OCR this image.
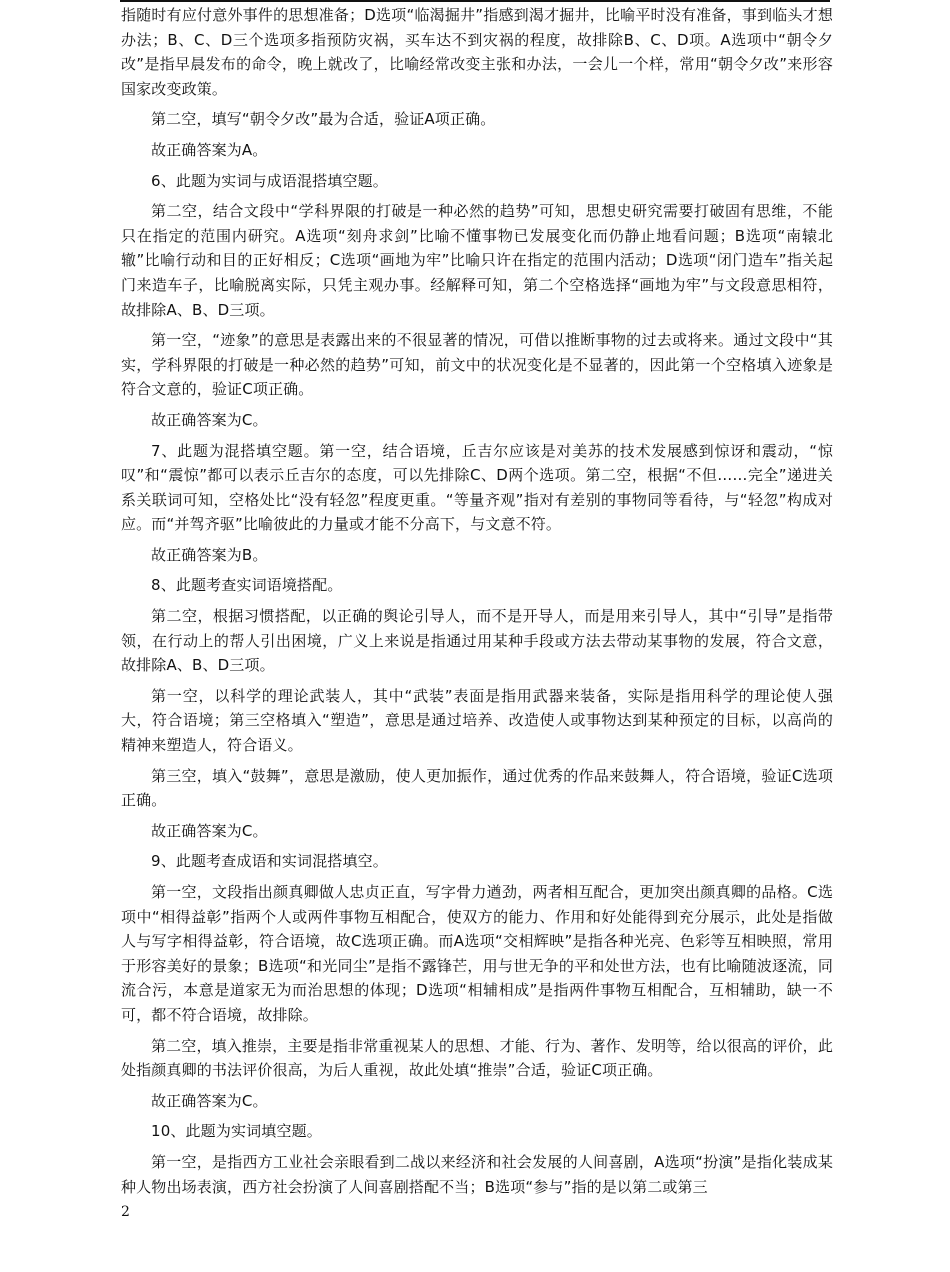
指随时有应付意外事件的思想准备；D选项“临渴掘井”指感到渴才掘井，比喻平时没有准备，事到临头才想办法；B、C、D三个选项多指预防灾祸，买车达不到灾祸的程度，故排除B、C、D项。A选项中“朝令夕改”是指早晨发布的命令，晚上就改了，比喻经常改变主张和办法，一会儿一个样，常用“朝令夕改”来形容国家改变政策。

第二空，填写“朝令夕改”最为合适，验证A项正确。

故正确答案为A。

6、此题为实词与成语混搭填空题。

第二空，结合文段中“学科界限的打破是一种必然的趋势”可知，思想史研究需要打破固有思维，不能只在指定的范围内研究。A选项“刻舟求剑”比喻不懂事物已发展变化而仍静止地看问题；B选项“南辕北辙”比喻行动和目的正好相反；C选项“画地为牢”比喻只许在指定的范围内活动；D选项“闭门造车”指关起门来造车子，比喻脱离实际，只凭主观办事。经解释可知，第二个空格选择“画地为牢”与文段意思相符，故排除A、B、D三项。

第一空，“迹象”的意思是表露出来的不很显著的情况，可借以推断事物的过去或将来。通过文段中“其实，学科界限的打破是一种必然的趋势”可知，前文中的状况变化是不显著的，因此第一个空格填入迹象是符合文意的，验证C项正确。

故正确答案为C。

7、此题为混搭填空题。第一空，结合语境，丘吉尔应该是对美苏的技术发展感到惊讶和震动，“惊叹”和“震惊”都可以表示丘吉尔的态度，可以先排除C、D两个选项。第二空，根据“不但……完全”递进关系关联词可知，空格处比“没有轻忽”程度更重。“等量齐观”指对有差别的事物同等看待，与“轻忽”构成对应。而“并驾齐驱”比喻彼此的力量或才能不分高下，与文意不符。

故正确答案为B。

8、此题考查实词语境搭配。

第二空，根据习惯搭配，以正确的舆论引导人，而不是开导人，而是用来引导人，其中“引导”是指带领，在行动上的帮人引出困境，广义上来说是指通过用某种手段或方法去带动某事物的发展，符合文意，故排除A、B、D三项。

第一空，以科学的理论武装人，其中“武装”表面是指用武器来装备，实际是指用科学的理论使人强大，符合语境；第三空格填入“塑造”，意思是通过培养、改造使人或事物达到某种预定的目标，以高尚的精神来塑造人，符合语义。

第三空，填入“鼓舞”，意思是激励，使人更加振作，通过优秀的作品来鼓舞人，符合语境，验证C选项正确。

故正确答案为C。

9、此题考查成语和实词混搭填空。

第一空，文段指出颜真卿做人忠贞正直，写字骨力遒劲，两者相互配合，更加突出颜真卿的品格。C选项中“相得益彰”指两个人或两件事物互相配合，使双方的能力、作用和好处能得到充分展示，此处是指做人与写字相得益彰，符合语境，故C选项正确。而A选项“交相辉映”是指各种光亮、色彩等互相映照，常用于形容美好的景象；B选项“和光同尘”是指不露锋芒，用与世无争的平和处世方法，也有比喻随波逐流，同流合污，本意是道家无为而治思想的体现；D选项“相辅相成”是指两件事物互相配合，互相辅助，缺一不可，都不符合语境，故排除。

第二空，填入推崇，主要是指非常重视某人的思想、才能、行为、著作、发明等，给以很高的评价，此处指颜真卿的书法评价很高，为后人重视，故此处填“推崇”合适，验证C项正确。

故正确答案为C。

10、此题为实词填空题。

第一空，是指西方工业社会亲眼看到二战以来经济和社会发展的人间喜剧，A选项“扮演”是指化装成某种人物出场表演，西方社会扮演了人间喜剧搭配不当；B选项“参与”指的是以第二或第三

2
